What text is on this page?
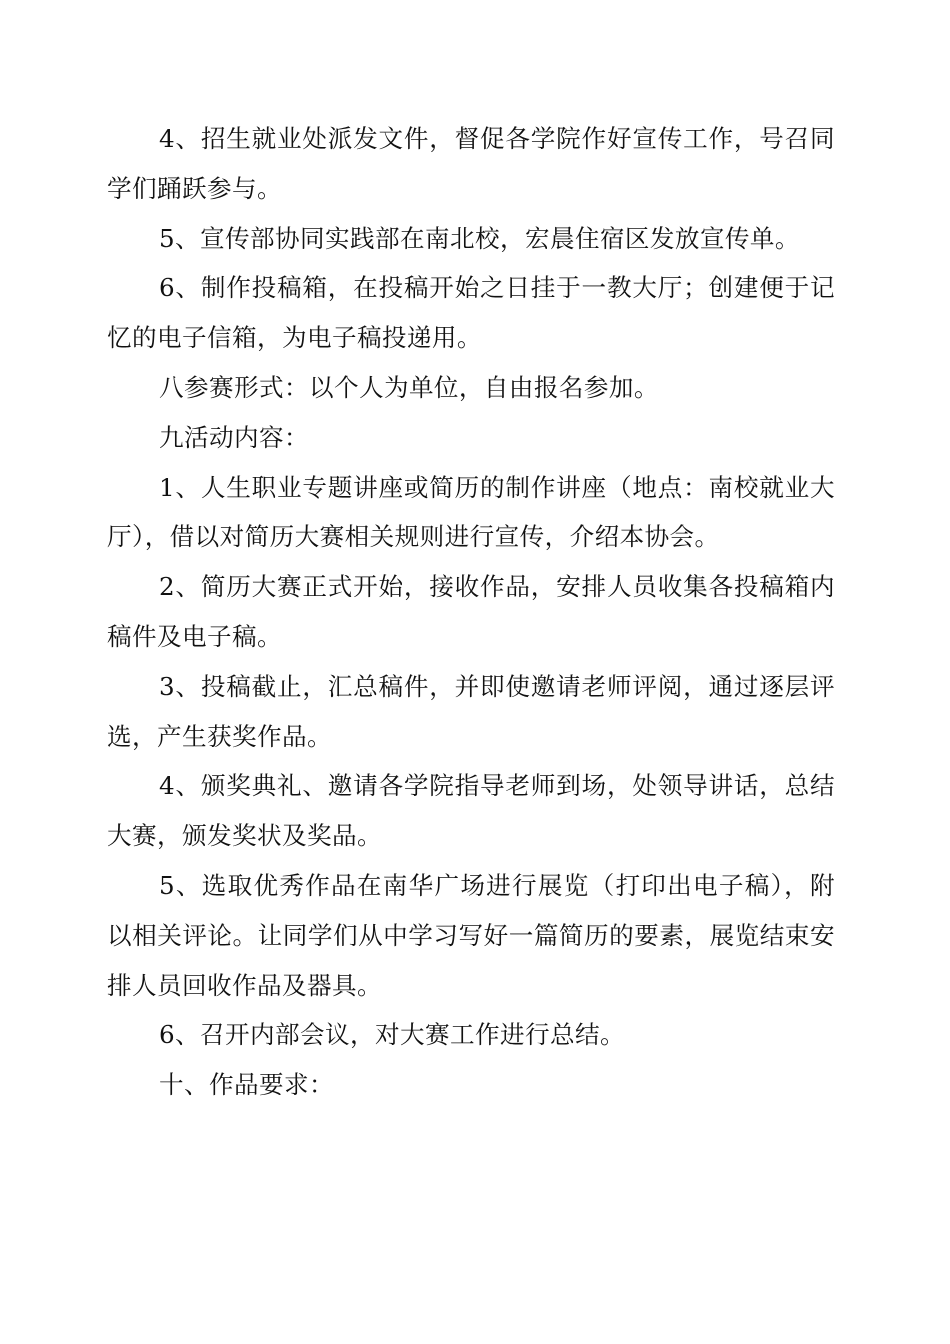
4、招生就业处派发文件，督促各学院作好宣传工作，号召同学们踊跃参与。

5、宣传部协同实践部在南北校，宏晨住宿区发放宣传单。

6、制作投稿箱，在投稿开始之日挂于一教大厅；创建便于记忆的电子信箱，为电子稿投递用。

八参赛形式：以个人为单位，自由报名参加。

九活动内容：

1、人生职业专题讲座或简历的制作讲座（地点：南校就业大厅），借以对简历大赛相关规则进行宣传，介绍本协会。

2、简历大赛正式开始，接收作品，安排人员收集各投稿箱内稿件及电子稿。

3、投稿截止，汇总稿件，并即使邀请老师评阅，通过逐层评选，产生获奖作品。

4、颁奖典礼、邀请各学院指导老师到场，处领导讲话，总结大赛，颁发奖状及奖品。

5、选取优秀作品在南华广场进行展览（打印出电子稿），附以相关评论。让同学们从中学习写好一篇简历的要素，展览结束安排人员回收作品及器具。

6、召开内部会议，对大赛工作进行总结。

十、作品要求：
